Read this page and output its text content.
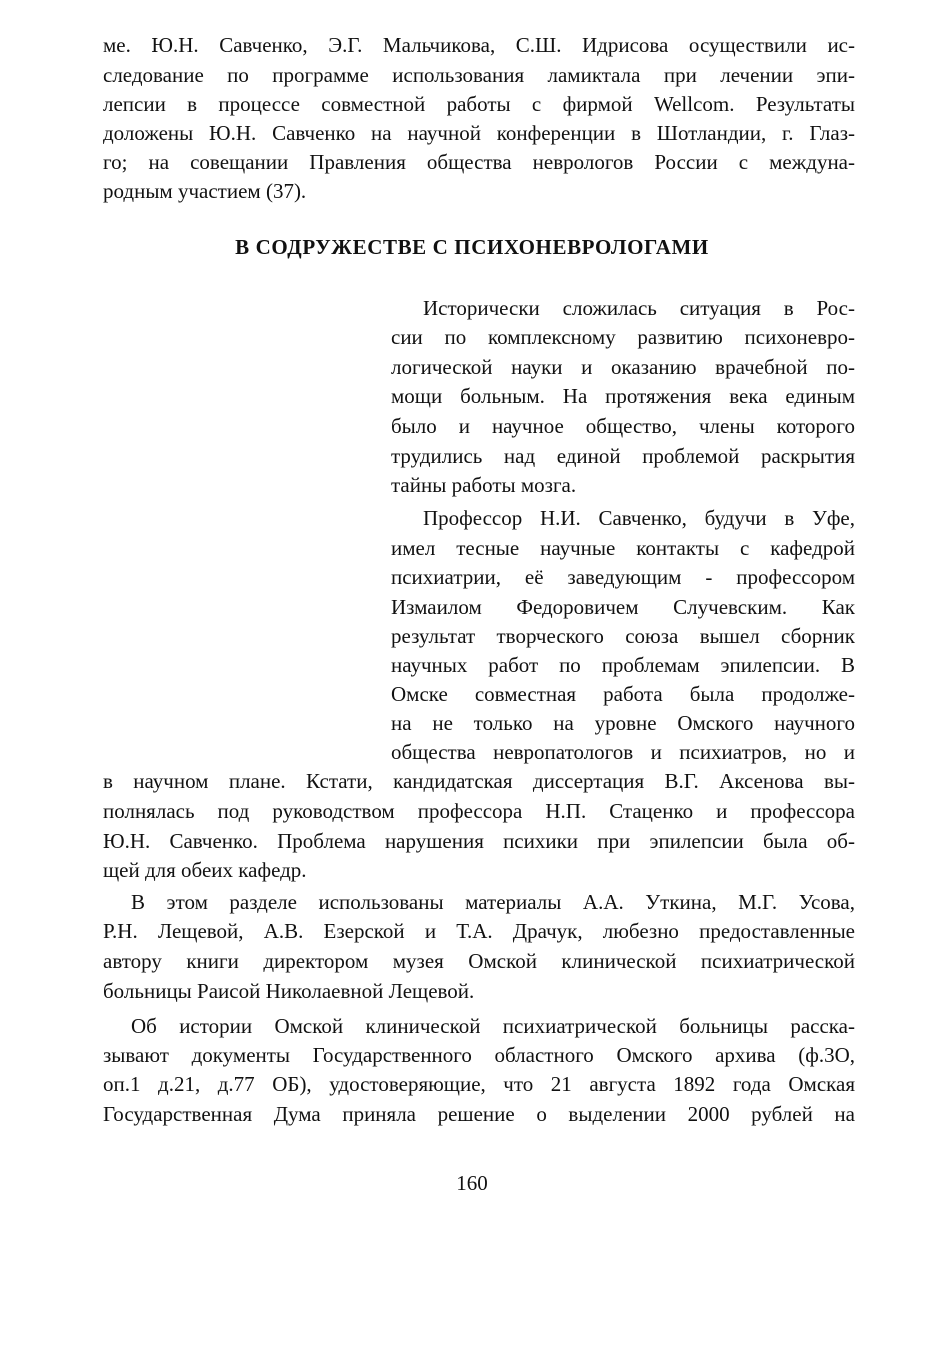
ме. Ю.Н. Савченко, Э.Г. Мальчикова, С.Ш. Идрисова осуществили ис-
следование по программе использования ламиктала при лечении эпи-
лепсии в процессе совместной работы с фирмой Wellcom. Результаты
доложены Ю.Н. Савченко на научной конференции в Шотландии, г. Глаз-
го; на совещании Правления общества неврологов России с междуна-
родным участием (37).
В СОДРУЖЕСТВЕ С ПСИХОНЕВРОЛОГАМИ
Исторически сложилась ситуация в Рос-
сии по комплексному развитию психоневро-
логической науки и оказанию врачебной по-
мощи больным. На протяжения века единым
было и научное общество, члены которого
трудились над единой проблемой раскрытия
тайны работы мозга.
Профессор Н.И. Савченко, будучи в Уфе,
имел тесные научные контакты с кафедрой
психиатрии, её заведующим - профессором
Измаилом Федоровичем Случевским. Как
результат творческого союза вышел сборник
научных работ по проблемам эпилепсии. В
Омске совместная работа была продолже-
на не только на уровне Омского научного
общества невропатологов и психиатров, но и
в научном плане. Кстати, кандидатская диссертация В.Г. Аксенова вы-
полнялась под руководством профессора Н.П. Стаценко и профессора
Ю.Н. Савченко. Проблема нарушения психики при эпилепсии была об-
щей для обеих кафедр.
В этом разделе использованы материалы А.А. Уткина, М.Г. Усова,
Р.Н. Лещевой, А.В. Езерской и Т.А. Драчук, любезно предоставленные
автору книги директором музея Омской клинической психиатрической
больницы Раисой Николаевной Лещевой.
Об истории Омской клинической психиатрической больницы расска-
зывают документы Государственного областного Омского архива (ф.3О,
оп.1 д.21, д.77 ОБ), удостоверяющие, что 21 августа 1892 года Омская
Государственная Дума приняла решение о выделении 2000 рублей на
160
